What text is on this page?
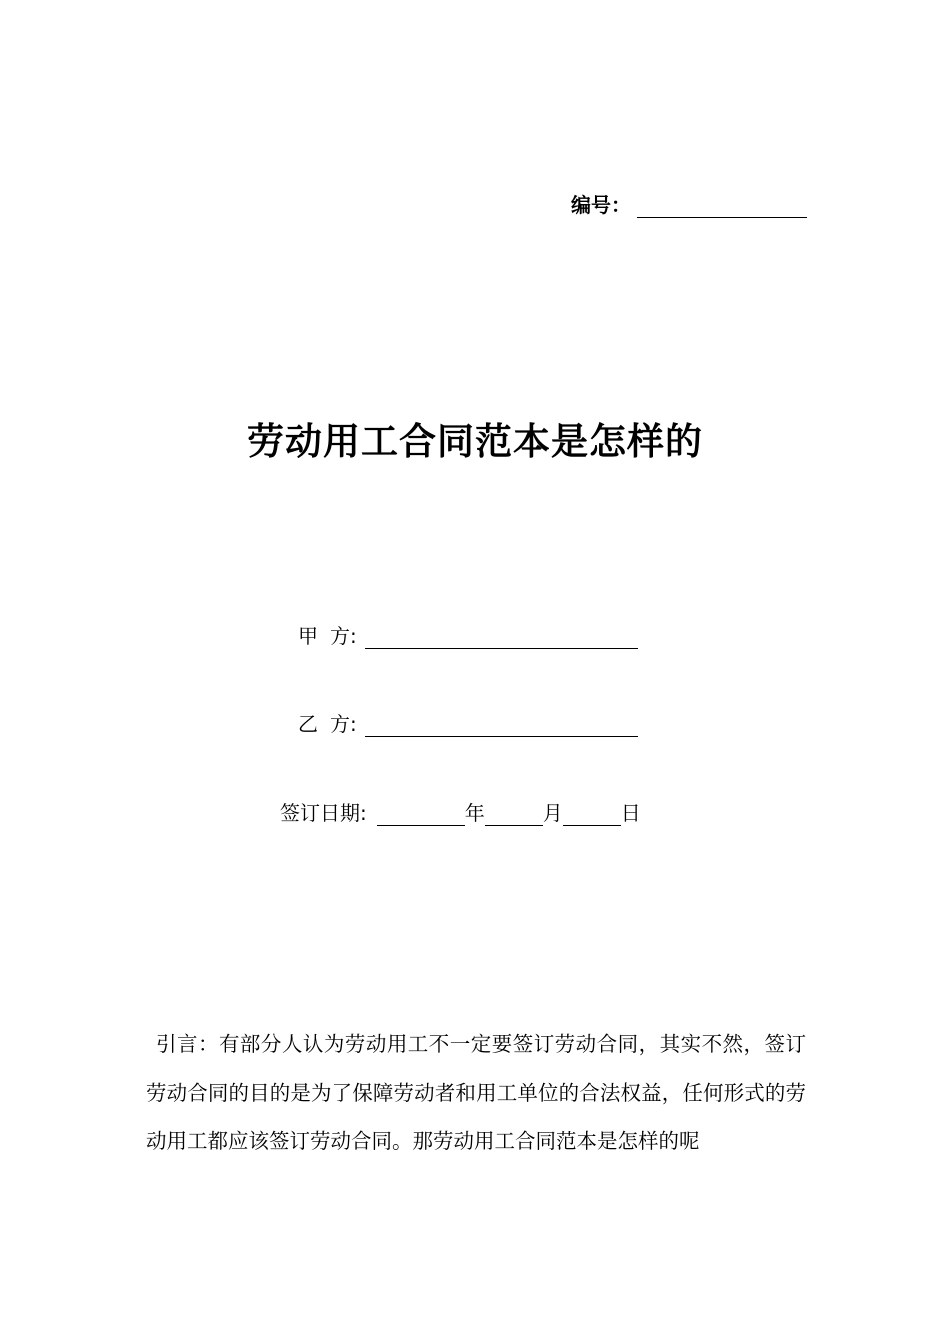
编号：
劳动用工合同范本是怎样的
甲 方:
乙 方:
签订日期:	年	月	日
引言：有部分人认为劳动用工不一定要签订劳动合同，其实不然，签订劳动合同的目的是为了保障劳动者和用工单位的合法权益，任何形式的劳动用工都应该签订劳动合同。那劳动用工合同范本是怎样的呢
